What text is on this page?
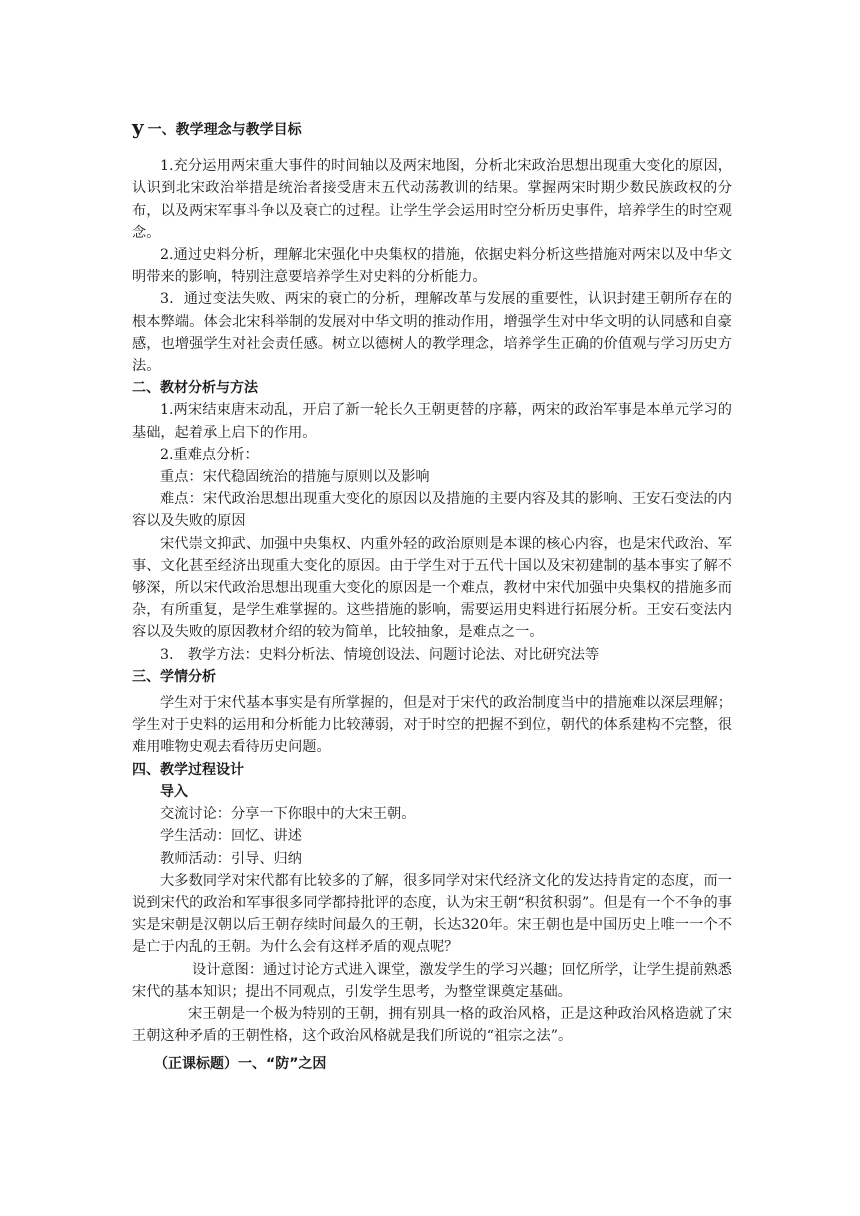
y 一、教学理念与教学目标

1.充分运用两宋重大事件的时间轴以及两宋地图，分析北宋政治思想出现重大变化的原因，认识到北宋政治举措是统治者接受唐末五代动荡教训的结果。掌握两宋时期少数民族政权的分布，以及两宋军事斗争以及衰亡的过程。让学生学会运用时空分析历史事件，培养学生的时空观念。

2.通过史料分析，理解北宋强化中央集权的措施，依据史料分析这些措施对两宋以及中华文明带来的影响，特别注意要培养学生对史料的分析能力。

3．通过变法失败、两宋的衰亡的分析，理解改革与发展的重要性，认识封建王朝所存在的根本弊端。体会北宋科举制的发展对中华文明的推动作用，增强学生对中华文明的认同感和自豪感，也增强学生对社会责任感。树立以德树人的教学理念，培养学生正确的价值观与学习历史方法。

二、教材分析与方法

1.两宋结束唐末动乱，开启了新一轮长久王朝更替的序幕，两宋的政治军事是本单元学习的基础，起着承上启下的作用。

2.重难点分析：

重点：宋代稳固统治的措施与原则以及影响

难点：宋代政治思想出现重大变化的原因以及措施的主要内容及其的影响、王安石变法的内容以及失败的原因

宋代崇文抑武、加强中央集权、内重外轻的政治原则是本课的核心内容，也是宋代政治、军事、文化甚至经济出现重大变化的原因。由于学生对于五代十国以及宋初建制的基本事实了解不够深，所以宋代政治思想出现重大变化的原因是一个难点，教材中宋代加强中央集权的措施多而杂，有所重复，是学生难掌握的。这些措施的影响，需要运用史料进行拓展分析。王安石变法内容以及失败的原因教材介绍的较为简单，比较抽象，是难点之一。

3.　教学方法：史料分析法、情境创设法、问题讨论法、对比研究法等

三、学情分析

学生对于宋代基本事实是有所掌握的，但是对于宋代的政治制度当中的措施难以深层理解；学生对于史料的运用和分析能力比较薄弱，对于时空的把握不到位，朝代的体系建构不完整，很难用唯物史观去看待历史问题。

四、教学过程设计

导入

交流讨论：分享一下你眼中的大宋王朝。

学生活动：回忆、讲述

教师活动：引导、归纳

大多数同学对宋代都有比较多的了解，很多同学对宋代经济文化的发达持肯定的态度，而一说到宋代的政治和军事很多同学都持批评的态度，认为宋王朝“积贫积弱”。但是有一个不争的事实是宋朝是汉朝以后王朝存续时间最久的王朝，长达320年。宋王朝也是中国历史上唯一一个不是亡于内乱的王朝。为什么会有这样矛盾的观点呢？

设计意图：通过讨论方式进入课堂，激发学生的学习兴趣；回忆所学，让学生提前熟悉宋代的基本知识；提出不同观点，引发学生思考，为整堂课奠定基础。

宋王朝是一个极为特别的王朝，拥有别具一格的政治风格，正是这种政治风格造就了宋王朝这种矛盾的王朝性格，这个政治风格就是我们所说的“祖宗之法”。

（正课标题）一、“防”之因
